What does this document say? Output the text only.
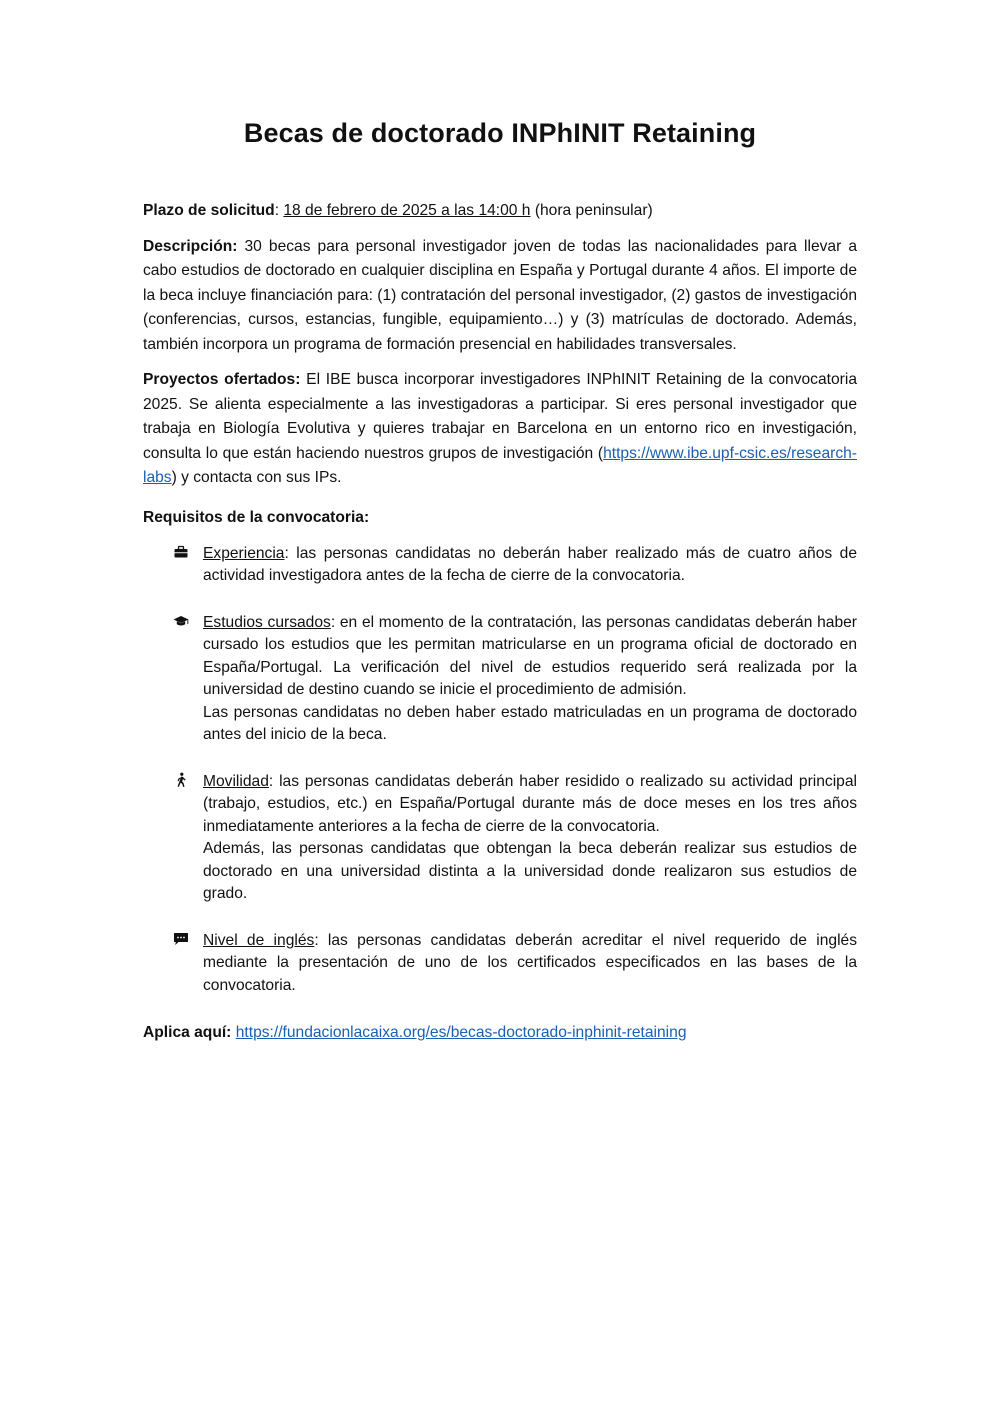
Becas de doctorado INPhINIT Retaining

Plazo de solicitud: 18 de febrero de 2025 a las 14:00 h (hora peninsular)

Descripción: 30 becas para personal investigador joven de todas las nacionalidades para llevar a cabo estudios de doctorado en cualquier disciplina en España y Portugal durante 4 años. El importe de la beca incluye financiación para: (1) contratación del personal investigador, (2) gastos de investigación (conferencias, cursos, estancias, fungible, equipamiento…) y (3) matrículas de doctorado. Además, también incorpora un programa de formación presencial en habilidades transversales.

Proyectos ofertados: El IBE busca incorporar investigadores INPhINIT Retaining de la convocatoria 2025. Se alienta especialmente a las investigadoras a participar. Si eres personal investigador que trabaja en Biología Evolutiva y quieres trabajar en Barcelona en un entorno rico en investigación, consulta lo que están haciendo nuestros grupos de investigación (https://www.ibe.upf-csic.es/research-labs) y contacta con sus IPs.

Requisitos de la convocatoria:
Experiencia: las personas candidatas no deberán haber realizado más de cuatro años de actividad investigadora antes de la fecha de cierre de la convocatoria.
Estudios cursados: en el momento de la contratación, las personas candidatas deberán haber cursado los estudios que les permitan matricularse en un programa oficial de doctorado en España/Portugal. La verificación del nivel de estudios requerido será realizada por la universidad de destino cuando se inicie el procedimiento de admisión.
Las personas candidatas no deben haber estado matriculadas en un programa de doctorado antes del inicio de la beca.
Movilidad: las personas candidatas deberán haber residido o realizado su actividad principal (trabajo, estudios, etc.) en España/Portugal durante más de doce meses en los tres años inmediatamente anteriores a la fecha de cierre de la convocatoria.
Además, las personas candidatas que obtengan la beca deberán realizar sus estudios de doctorado en una universidad distinta a la universidad donde realizaron sus estudios de grado.
Nivel de inglés: las personas candidatas deberán acreditar el nivel requerido de inglés mediante la presentación de uno de los certificados especificados en las bases de la convocatoria.
Aplica aquí: https://fundacionlacaixa.org/es/becas-doctorado-inphinit-retaining
